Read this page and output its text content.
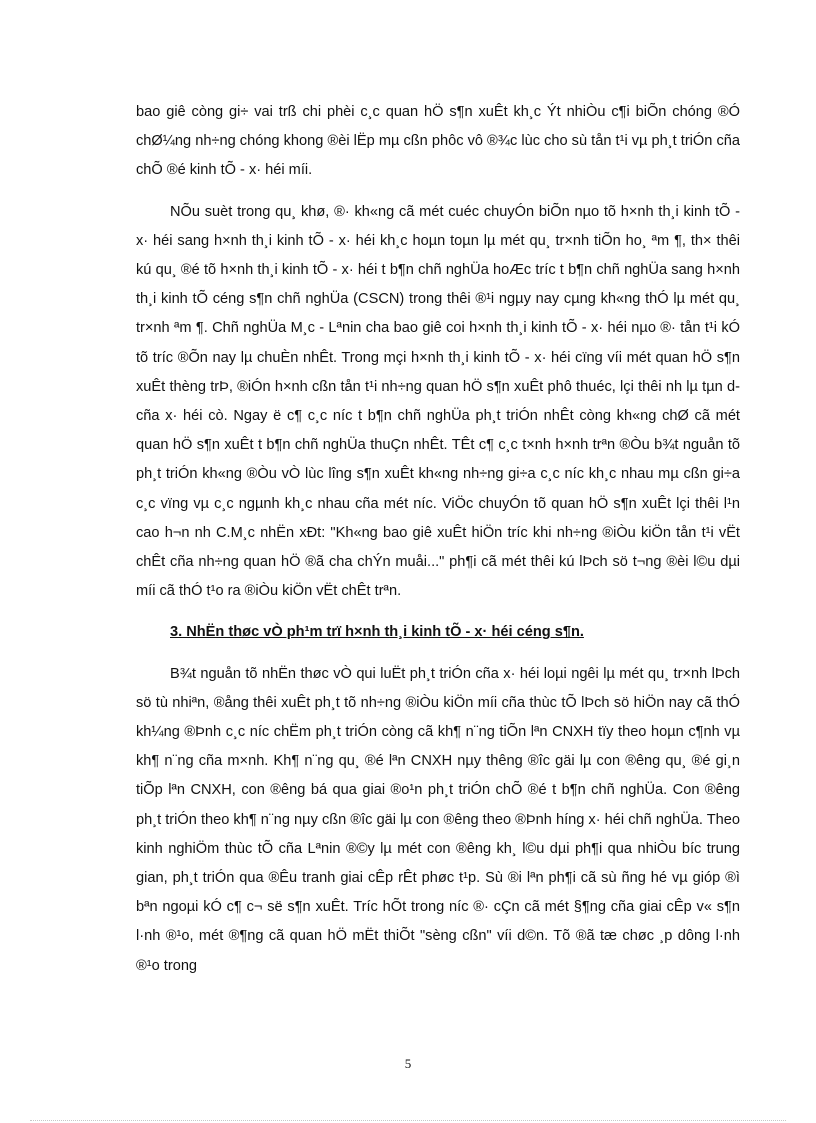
bao giê còng gi÷ vai trß chi phèi c¸c quan hÖ s¶n xuÊt kh¸c Ýt nhiÒu c¶i biÕn chóng ®Ó chØ¼ng nh÷ng chóng khong ®èi lËp mµ cßn phôc vô ®¾c lùc cho sù tån t¹i vµ ph¸t triÓn cña chÕ ®é kinh tÕ - x· héi míi.

NÕu suèt trong qu¸ khø, ®· kh«ng cã mét cuéc chuyÓn biÕn nµo tõ h×nh th¸i kinh tÕ - x· héi sang h×nh th¸i kinh tÕ - x· héi kh¸c hoµn toµn lµ mét qu¸ tr×nh tiÕn ho¸ ªm ¶, th× thêi kú qu¸ ®é tõ h×nh th¸i kinh tÕ - x· héi t b¶n chñ nghÜa hoÆc tríc t b¶n chñ nghÜa sang h×nh th¸i kinh tÕ céng s¶n chñ nghÜa (CSCN) trong thêi ®¹i ngµy nay cµng kh«ng thÓ lµ mét qu¸ tr×nh ªm ¶. Chñ nghÜa M¸c - Lªnin cha bao giê coi h×nh th¸i kinh tÕ - x· héi nµo ®· tån t¹i kÓ tõ tríc ®Õn nay lµ chuÈn nhÊt. Trong mçi h×nh th¸i kinh tÕ - x· héi cïng víi mét quan hÖ s¶n xuÊt thèng trÞ, ®iÓn h×nh cßn tån t¹i nh÷ng quan hÖ s¶n xuÊt phô thuéc, lçi thêi nh lµ tµn d cña x· héi cò. Ngay ë c¶ c¸c níc t b¶n chñ nghÜa ph¸t triÓn nhÊt còng kh«ng chØ cã mét quan hÖ s¶n xuÊt t b¶n chñ nghÜa thuÇn nhÊt. TÊt c¶ c¸c t×nh h×nh trªn ®Òu b¾t nguån tõ ph¸t triÓn kh«ng ®Òu vÒ lùc lîng s¶n xuÊt kh«ng nh÷ng gi÷a c¸c níc kh¸c nhau mµ cßn gi÷a c¸c vïng vµ c¸c ngµnh kh¸c nhau cña mét níc. ViÖc chuyÓn tõ quan hÖ s¶n xuÊt lçi thêi l¹n cao h¬n nh C.M¸c nhËn xÐt: "Kh«ng bao giê xuÊt hiÖn tríc khi nh÷ng ®iÒu kiÖn tån t¹i vËt chÊt cña nh÷ng quan hÖ ®ã cha chÝn muåi..." ph¶i cã mét thêi kú lÞch sö t¬ng ®èi l©u dµi míi cã thÓ t¹o ra ®iÒu kiÖn vËt chÊt trªn.

3. NhËn thøc vÒ ph¹m trï h×nh th¸i kinh tÕ - x· héi céng s¶n.

B¾t nguån tõ nhËn thøc vÒ qui luËt ph¸t triÓn cña x· héi loµi ngêi lµ mét qu¸ tr×nh lÞch sö tù nhiªn, ®ång thêi xuÊt ph¸t tõ nh÷ng ®iÒu kiÖn míi cña thùc tÕ lÞch sö hiÖn nay cã thÓ kh¼ng ®Þnh c¸c níc chËm ph¸t triÓn còng cã kh¶ n¨ng tiÕn lªn CNXH tïy theo hoµn c¶nh vµ kh¶ n¨ng cña m×nh. Kh¶ n¨ng qu¸ ®é lªn CNXH nµy thêng ®îc gäi lµ con ®êng qu¸ ®é gi¸n tiÕp lªn CNXH, con ®êng bá qua giai ®o¹n ph¸t triÓn chÕ ®é t b¶n chñ nghÜa. Con ®êng ph¸t triÓn theo kh¶ n¨ng nµy cßn ®îc gäi lµ con ®êng theo ®Þnh híng x· héi chñ nghÜa. Theo kinh nghiÖm thùc tÕ cña Lªnin ®©y lµ mét con ®êng kh¸ l©u dµi ph¶i qua nhiÒu bíc trung gian, ph¸t triÓn qua ®Êu tranh giai cÊp rÊt phøc t¹p. Sù ®i lªn ph¶i cã sù ñng hé vµ gióp ®ì bªn ngoµi kÓ c¶ c¬ së s¶n xuÊt. Tríc hÕt trong níc ®· cÇn cã mét §¶ng cña giai cÊp v« s¶n l·nh ®¹o, mét ®¶ng cã quan hÖ mËt thiÕt "sèng cßn" víi d©n. Tõ ®ã tæ chøc ¸p dông l·nh ®¹o trong

5
